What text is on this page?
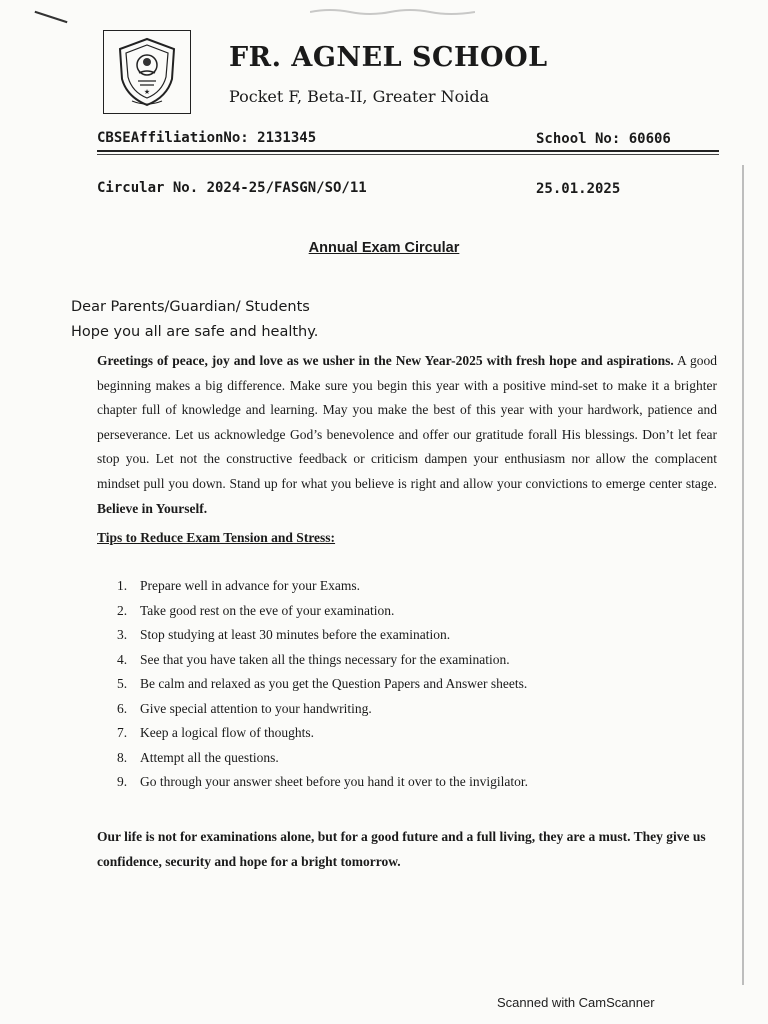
★
FR. AGNEL SCHOOL
Pocket F, Beta-II, Greater Noida
CBSEAffiliationNo: 2131345	School No: 60606
Circular No. 2024-25/FASGN/SO/11	25.01.2025
Annual Exam Circular
Dear Parents/Guardian/ Students
Hope you all are safe and healthy.

Greetings of peace, joy and love as we usher in the New Year-2025 with fresh hope and aspirations. A good beginning makes a big difference. Make sure you begin this year with a positive mind-set to make it a brighter chapter full of knowledge and learning. May you make the best of this year with your hardwork, patience and perseverance. Let us acknowledge God’s benevolence and offer our gratitude forall His blessings. Don’t let fear stop you. Let not the constructive feedback or criticism dampen your enthusiasm nor allow the complacent mindset pull you down. Stand up for what you believe is right and allow your convictions to emerge center stage. Believe in Yourself.

Tips to Reduce Exam Tension and Stress:
1. Prepare well in advance for your Exams.
2. Take good rest on the eve of your examination.
3. Stop studying at least 30 minutes before the examination.
4. See that you have taken all the things necessary for the examination.
5. Be calm and relaxed as you get the Question Papers and Answer sheets.
6. Give special attention to your handwriting.
7. Keep a logical flow of thoughts.
8. Attempt all the questions.
9. Go through your answer sheet before you hand it over to the invigilator.

Our life is not for examinations alone, but for a good future and a full living, they are a must. They give us confidence, security and hope for a bright tomorrow.

Scanned with CamScanner
